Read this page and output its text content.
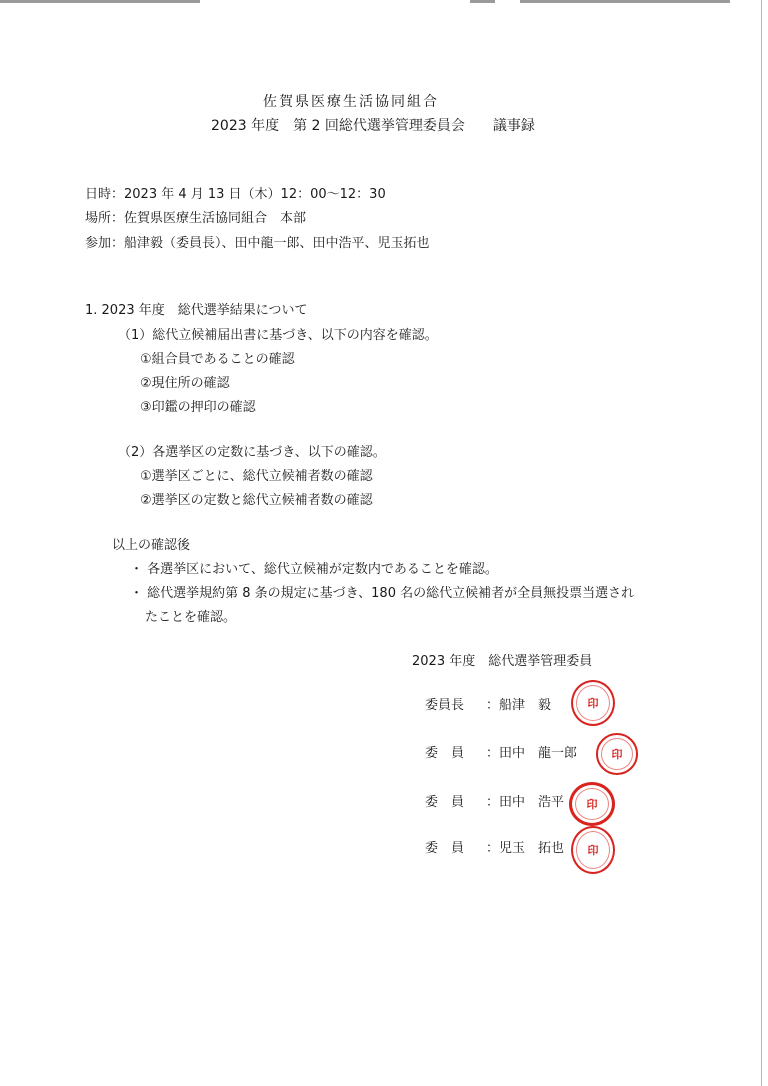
佐賀県医療生活協同組合
2023 年度　第 2 回総代選挙管理委員会　　議事録
日時：2023 年 4 月 13 日（木）12：00〜12：30
場所：佐賀県医療生活協同組合　本部
参加：船津毅（委員長）、田中龍一郎、田中浩平、児玉拓也
1. 2023 年度　総代選挙結果について
（1）総代立候補届出書に基づき、以下の内容を確認。
①組合員であることの確認
②現住所の確認
③印鑑の押印の確認
（2）各選挙区の定数に基づき、以下の確認。
①選挙区ごとに、総代立候補者数の確認
②選挙区の定数と総代立候補者数の確認
以上の確認後
・ 各選挙区において、総代立候補が定数内であることを確認。
・ 総代選挙規約第 8 条の規定に基づき、180 名の総代立候補者が全員無投票当選され
たことを確認。
2023 年度　総代選挙管理委員
委員長 ：船津　毅	印
委　員 ：田中　龍一郎	印
委　員 ：田中　浩平 印
委　員 ：児玉　拓也 印
